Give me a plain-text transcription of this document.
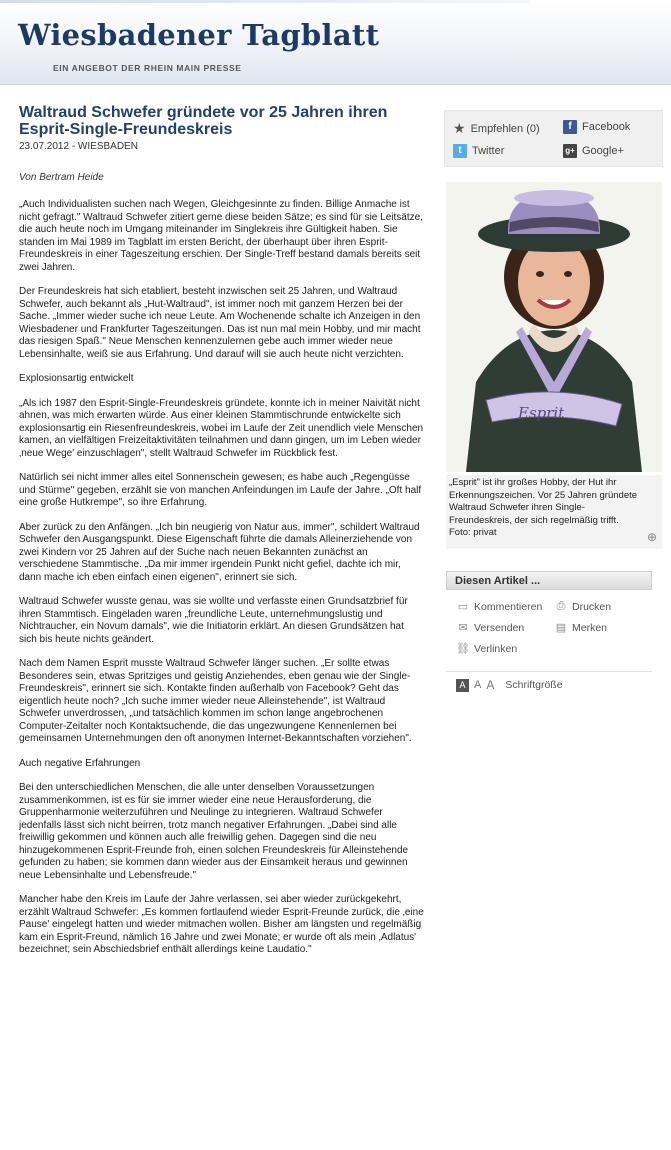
Wiesbadener Tagblatt
EIN ANGEBOT DER RHEIN MAIN PRESSE
Waltraud Schwefer gründete vor 25 Jahren ihren Esprit-Single-Freundeskreis
23.07.2012 - WIESBADEN
Von Bertram Heide

„Auch Individualisten suchen nach Wegen, Gleichgesinnte zu finden. Billige Anmache ist nicht gefragt." Waltraud Schwefer zitiert gerne diese beiden Sätze; es sind für sie Leitsätze, die auch heute noch im Umgang miteinander im Singlekreis ihre Gültigkeit haben. Sie standen im Mai 1989 im Tagblatt im ersten Bericht, der überhaupt über ihren Esprit-Freundeskreis in einer Tageszeitung erschien. Der Single-Treff bestand damals bereits seit zwei Jahren.

Der Freundeskreis hat sich etabliert, besteht inzwischen seit 25 Jahren, und Waltraud Schwefer, auch bekannt als „Hut-Waltraud", ist immer noch mit ganzem Herzen bei der Sache. „Immer wieder suche ich neue Leute. Am Wochenende schalte ich Anzeigen in den Wiesbadener und Frankfurter Tageszeitungen. Das ist nun mal mein Hobby, und mir macht das riesigen Spaß." Neue Menschen kennenzulernen gebe auch immer wieder neue Lebensinhalte, weiß sie aus Erfahrung. Und darauf will sie auch heute nicht verzichten.

Explosionsartig entwickelt

„Als ich 1987 den Esprit-Single-Freundeskreis gründete, konnte ich in meiner Naivität nicht ahnen, was mich erwarten würde. Aus einer kleinen Stammtischrunde entwickelte sich explosionsartig ein Riesenfreundeskreis, wobei im Laufe der Zeit unendlich viele Menschen kamen, an vielfältigen Freizeitaktivitäten teilnahmen und dann gingen, um im Leben wieder ‚neue Wege' einzuschlagen", stellt Waltraud Schwefer im Rückblick fest.

Natürlich sei nicht immer alles eitel Sonnenschein gewesen; es habe auch „Regengüsse und Stürme" gegeben, erzählt sie von manchen Anfeindungen im Laufe der Jahre. „Oft half eine große Hutkrempe", so ihre Erfahrung.

Aber zurück zu den Anfängen. „Ich bin neugierig von Natur aus, immer", schildert Waltraud Schwefer den Ausgangspunkt. Diese Eigenschaft führte die damals Alleinerziehende von zwei Kindern vor 25 Jahren auf der Suche nach neuen Bekannten zunächst an verschiedene Stammtische. „Da mir immer irgendein Punkt nicht gefiel, dachte ich mir, dann mache ich eben einfach einen eigenen", erinnert sie sich.

Waltraud Schwefer wusste genau, was sie wollte und verfasste einen Grundsatzbrief für ihren Stammtisch. Eingeladen waren „freundliche Leute, unternehmungslustig und Nichtraucher, ein Novum damals", wie die Initiatorin erklärt. An diesen Grundsätzen hat sich bis heute nichts geändert.

Nach dem Namen Esprit musste Waltraud Schwefer länger suchen. „Er sollte etwas Besonderes sein, etwas Spritziges und geistig Anziehendes, eben genau wie der Single-Freundeskreis", erinnert sie sich. Kontakte finden außerhalb von Facebook? Geht das eigentlich heute noch? „Ich suche immer wieder neue Alleinstehende", ist Waltraud Schwefer unverdrossen, „und tatsächlich kommen im schon lange angebrochenen Computer-Zeitalter noch Kontaktsuchende, die das ungezwungene Kennenlernen bei gemeinsamen Unternehmungen den oft anonymen Internet-Bekanntschaften vorziehen".

Auch negative Erfahrungen

Bei den unterschiedlichen Menschen, die alle unter denselben Voraussetzungen zusammenkommen, ist es für sie immer wieder eine neue Herausforderung, die Gruppenharmonie weiterzuführen und Neulinge zu integrieren. Waltraud Schwefer jedenfalls lässt sich nicht beirren, trotz manch negativer Erfahrungen. „Dabei sind alle freiwillig gekommen und können auch alle freiwillig gehen. Dagegen sind die neu hinzugekommenen Esprit-Freunde froh, einen solchen Freundeskreis für Alleinstehende gefunden zu haben; sie kommen dann wieder aus der Einsamkeit heraus und gewinnen neue Lebensinhalte und Lebensfreude."

Mancher habe den Kreis im Laufe der Jahre verlassen, sei aber wieder zurückgekehrt, erzählt Waltraud Schwefer: „Es kommen fortlaufend wieder Esprit-Freunde zurück, die ‚eine Pause' eingelegt hatten und wieder mitmachen wollen. Bisher am längsten und regelmäßig kam ein Esprit-Freund, nämlich 16 Jahre und zwei Monate; er wurde oft als mein ‚Adlatus' bezeichnet; sein Abschiedsbrief enthält allerdings keine Laudatio."

★ Empfehlen (0)	f Facebook
t Twitter	g+ Google+
Esprit
„Esprit" ist ihr großes Hobby, der Hut ihr Erkennungszeichen. Vor 25 Jahren gründete Waltraud Schwefer ihren Single-Freundeskreis, der sich regelmäßig trifft. Foto: privat	⊕
Diesen Artikel ...
▭ Kommentieren ⎙ Drucken
✉ Versenden	▤ Merken
⛓ Verlinken
A A A Schriftgröße
